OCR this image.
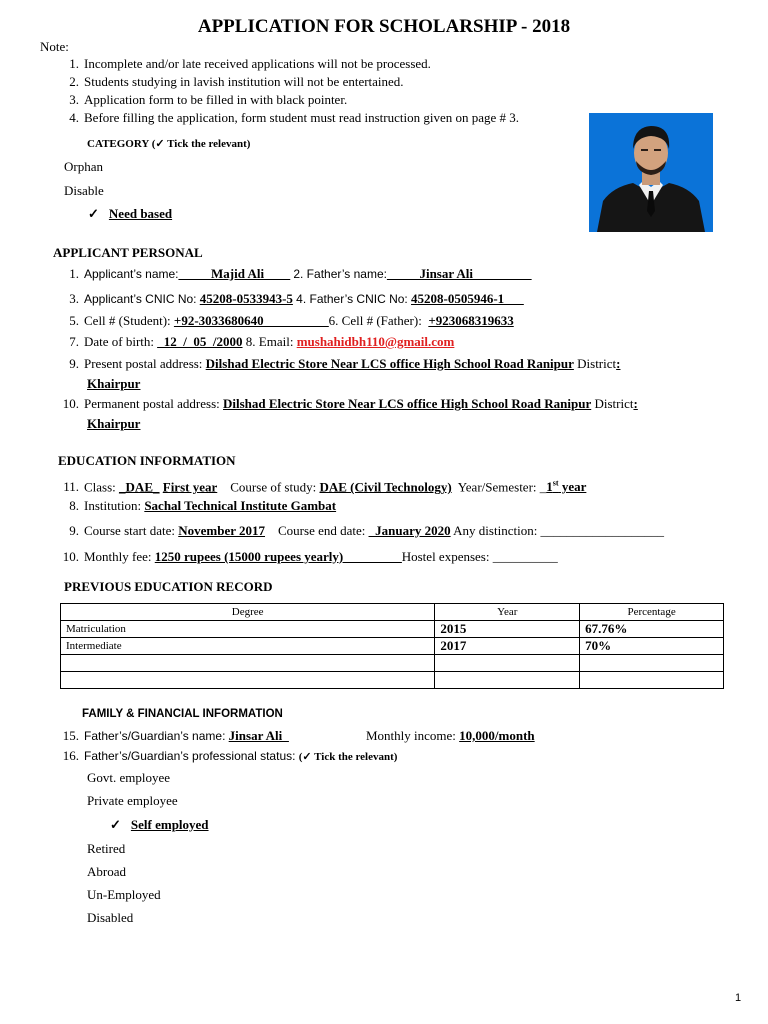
APPLICATION FOR SCHOLARSHIP - 2018
Note:
1. Incomplete and/or late received applications will not be processed.
2. Students studying in lavish institution will not be entertained.
3. Application form to be filled in with black pointer.
4. Before filling the application, form student must read instruction given on page # 3.
CATEGORY (✓ Tick the relevant)
Orphan
Disable
✓ Need based
APPLICANT PERSONAL
1. Applicant’s name:_____Majid Ali____ 2. Father’s name:_____Jinsar Ali_________
3. Applicant’s CNIC No: 45208-0533943-5 4. Father’s CNIC No: 45208-0505946-1___
5. Cell # (Student): +92-3033680640__________6. Cell # (Father): +923068319633
7. Date of birth: _12_/_05_/2000 8. Email: mushahidbh110@gmail.com
9. Present postal address: Dilshad Electric Store Near LCS office High School Road Ranipur District:
Khairpur
10. Permanent postal address: Dilshad Electric Store Near LCS office High School Road Ranipur District:
Khairpur
EDUCATION INFORMATION
11. Class: _DAE_ First year Course of study: DAE (Civil Technology) Year/Semester: _1st year
8. Institution: Sachal Technical Institute Gambat
9. Course start date: November 2017 Course end date: _January 2020 Any distinction: ___________________
10. Monthly fee: 1250 rupees (15000 rupees yearly)_________Hostel expenses: __________
PREVIOUS EDUCATION RECORD
Degree	Year	Percentage
Matriculation	2015	67.76%
Intermediate	2017	70%

FAMILY & FINANCIAL INFORMATION
15. Father’s/Guardian’s name: Jinsar Ali_	Monthly income: 10,000/month
16. Father’s/Guardian’s professional status: (✓ Tick the relevant)
Govt. employee
Private employee
✓ Self employed
Retired
Abroad
Un-Employed
Disabled
1
